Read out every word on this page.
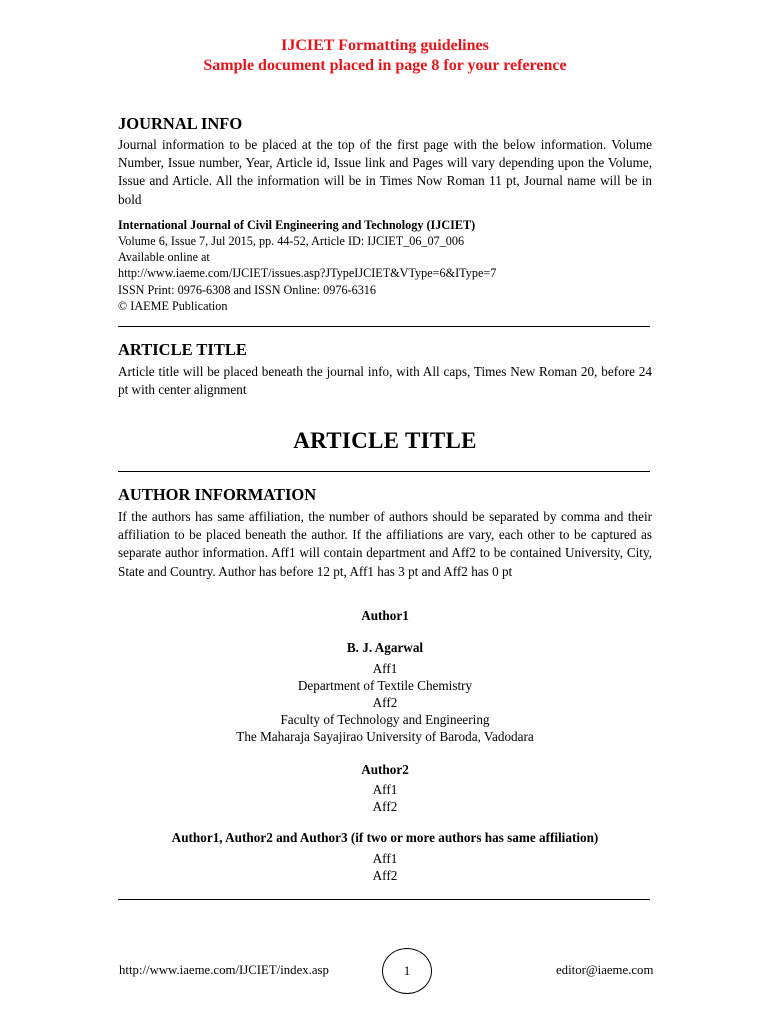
IJCIET Formatting guidelines
Sample document placed in page 8 for your reference
JOURNAL INFO
Journal information to be placed at the top of the first page with the below information. Volume Number, Issue number, Year, Article id, Issue link and Pages will vary depending upon the Volume, Issue and Article. All the information will be in Times Now Roman 11 pt, Journal name will be in bold
International Journal of Civil Engineering and Technology (IJCIET)
Volume 6, Issue 7, Jul 2015, pp. 44-52, Article ID: IJCIET_06_07_006
Available online at
http://www.iaeme.com/IJCIET/issues.asp?JTypeIJCIET&VType=6&IType=7
ISSN Print: 0976-6308 and ISSN Online: 0976-6316
© IAEME Publication
ARTICLE TITLE
Article title will be placed beneath the journal info, with All caps, Times New Roman 20, before 24 pt with center alignment
ARTICLE TITLE
AUTHOR INFORMATION
If the authors has same affiliation, the number of authors should be separated by comma and their affiliation to be placed beneath the author. If the affiliations are vary, each other to be captured as separate author information. Aff1 will contain department and Aff2 to be contained University, City, State and Country. Author has before 12 pt, Aff1 has 3 pt and Aff2 has 0 pt
Author1
B. J. Agarwal
Aff1
Department of Textile Chemistry
Aff2
Faculty of Technology and Engineering
The Maharaja Sayajirao University of Baroda, Vadodara
Author2
Aff1
Aff2
Author1, Author2 and Author3 (if two or more authors has same affiliation)
Aff1
Aff2
http://www.iaeme.com/IJCIET/index.asp	1	editor@iaeme.com
